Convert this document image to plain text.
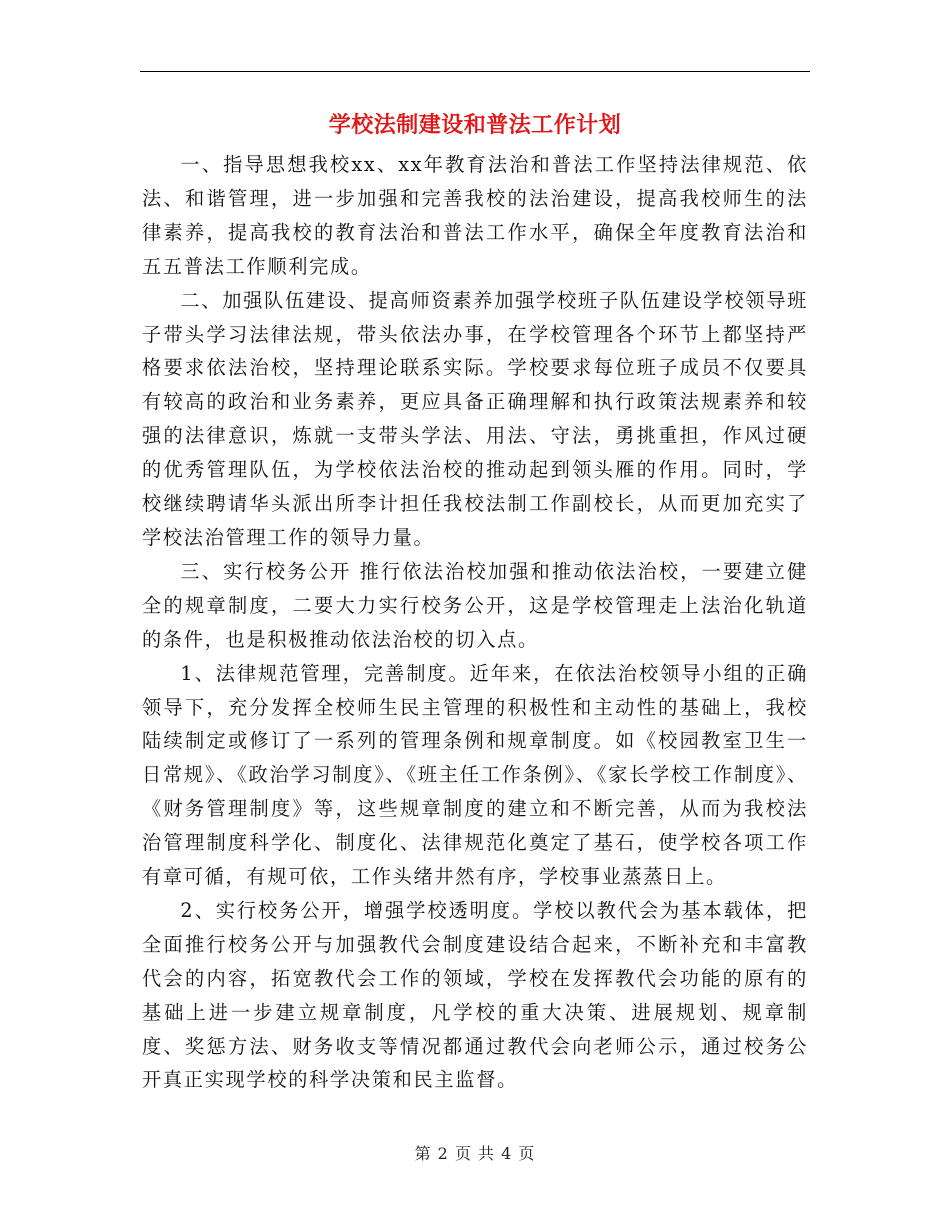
学校法制建设和普法工作计划

一、指导思想我校xx、xx年教育法治和普法工作坚持法律规范、依法、和谐管理，进一步加强和完善我校的法治建设，提高我校师生的法律素养，提高我校的教育法治和普法工作水平，确保全年度教育法治和五五普法工作顺利完成。

二、加强队伍建设、提高师资素养加强学校班子队伍建设学校领导班子带头学习法律法规，带头依法办事，在学校管理各个环节上都坚持严格要求依法治校，坚持理论联系实际。学校要求每位班子成员不仅要具有较高的政治和业务素养，更应具备正确理解和执行政策法规素养和较强的法律意识，炼就一支带头学法、用法、守法，勇挑重担，作风过硬的优秀管理队伍，为学校依法治校的推动起到领头雁的作用。同时，学校继续聘请华头派出所李计担任我校法制工作副校长，从而更加充实了学校法治管理工作的领导力量。

三、实行校务公开 推行依法治校加强和推动依法治校，一要建立健全的规章制度，二要大力实行校务公开，这是学校管理走上法治化轨道的条件，也是积极推动依法治校的切入点。

1、法律规范管理，完善制度。近年来，在依法治校领导小组的正确领导下，充分发挥全校师生民主管理的积极性和主动性的基础上，我校陆续制定或修订了一系列的管理条例和规章制度。如《校园教室卫生一日常规》、《政治学习制度》、《班主任工作条例》、《家长学校工作制度》、《财务管理制度》等，这些规章制度的建立和不断完善，从而为我校法治管理制度科学化、制度化、法律规范化奠定了基石，使学校各项工作有章可循，有规可依，工作头绪井然有序，学校事业蒸蒸日上。

2、实行校务公开，增强学校透明度。学校以教代会为基本载体，把全面推行校务公开与加强教代会制度建设结合起来，不断补充和丰富教代会的内容，拓宽教代会工作的领域，学校在发挥教代会功能的原有的基础上进一步建立规章制度，凡学校的重大决策、进展规划、规章制度、奖惩方法、财务收支等情况都通过教代会向老师公示，通过校务公开真正实现学校的科学决策和民主监督。

第 2 页 共 4 页
